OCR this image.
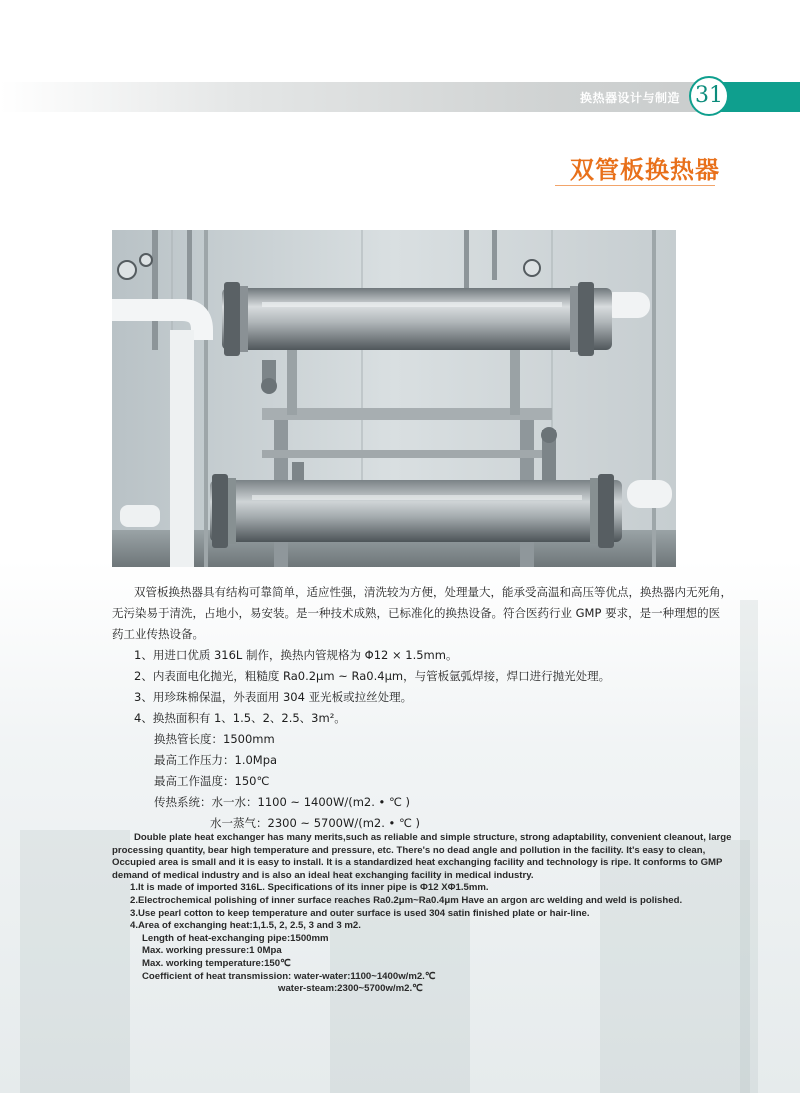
换热器设计与制造 31
双管板换热器

双管板换热器具有结构可靠简单，适应性强，清洗较为方便，处理量大，能承受高温和高压等优点，换热器内无死角，

无污染易于清洗，占地小，易安装。是一种技术成熟，已标准化的换热设备。符合医药行业 GMP 要求，是一种理想的医

药工业传热设备。

1、用进口优质 316L 制作，换热内管规格为 Φ12 × 1.5mm。

2、内表面电化抛光，粗糙度 Ra0.2μm ~ Ra0.4μm，与管板氩弧焊接，焊口进行抛光处理。

3、用珍珠棉保温，外表面用 304 亚光板或拉丝处理。

4、换热面积有 1、1.5、2、2.5、3m²。

换热管长度：1500mm

最高工作压力：1.0Mpa

最高工作温度：150℃

传热系统：水一水：1100 ~ 1400W/(m2. • ℃ )

水一蒸气：2300 ~ 5700W/(m2. • ℃ )

Double plate heat exchanger has many merits,such as reliable and simple structure, strong adaptability, convenient cleanout, large

processing quantity, bear high temperature and pressure, etc. There's no dead angle and pollution in the facility. It's easy to clean,

Occupied area is small and it is easy to install. It is a standardized heat exchanging facility and technology is ripe. It conforms to GMP

demand of medical industry and is also an ideal heat exchanging facility in medical industry.

1.It is made of imported 316L. Specifications of its inner pipe is Φ12 XΦ1.5mm.

2.Electrochemical polishing of inner surface reaches Ra0.2μm~Ra0.4μm Have an argon arc welding and weld is polished.

3.Use pearl cotton to keep temperature and outer surface is used 304 satin finished plate or hair-line.

4.Area of exchanging heat:1,1.5, 2, 2.5, 3 and 3 m2.

Length of heat-exchanging pipe:1500mm

Max. working pressure:1 0Mpa

Max. working temperature:150℃

Coefficient of heat transmission: water-water:1100~1400w/m2.℃

water-steam:2300~5700w/m2.℃
